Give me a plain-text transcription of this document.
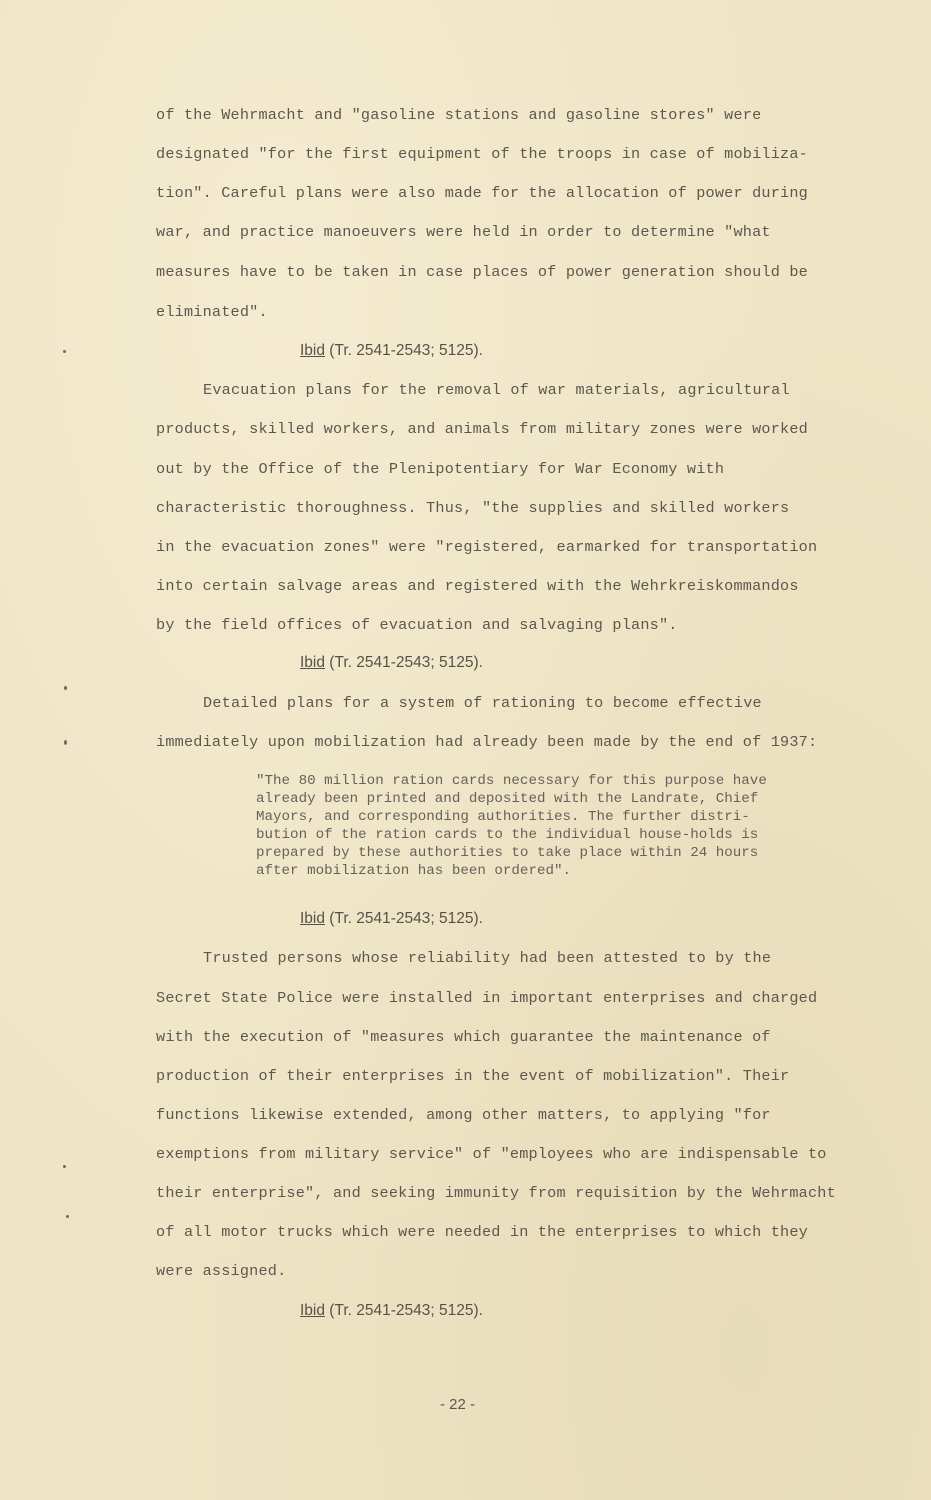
of the Wehrmacht and "gasoline stations and gasoline stores" were
designated "for the first equipment of the troops in case of mobiliza-
tion". Careful plans were also made for the allocation of power during
war, and practice manoeuvers were held in order to determine "what
measures have to be taken in case places of power generation should be
eliminated".
Ibid (Tr. 2541-2543; 5125).
Evacuation plans for the removal of war materials, agricultural
products, skilled workers, and animals from military zones were worked
out by the Office of the Plenipotentiary for War Economy with
characteristic thoroughness. Thus, "the supplies and skilled workers
in the evacuation zones" were "registered, earmarked for transportation
into certain salvage areas and registered with the Wehrkreiskommandos
by the field offices of evacuation and salvaging plans".
Ibid (Tr. 2541-2543; 5125).
Detailed plans for a system of rationing to become effective
immediately upon mobilization had already been made by the end of 1937:
"The 80 million ration cards necessary for this purpose have
already been printed and deposited with the Landrate, Chief
Mayors, and corresponding authorities. The further distri-
bution of the ration cards to the individual house-holds is
prepared by these authorities to take place within 24 hours
after mobilization has been ordered".
Ibid (Tr. 2541-2543; 5125).
Trusted persons whose reliability had been attested to by the
Secret State Police were installed in important enterprises and charged
with the execution of "measures which guarantee the maintenance of
production of their enterprises in the event of mobilization". Their
functions likewise extended, among other matters, to applying "for
exemptions from military service" of "employees who are indispensable to
their enterprise", and seeking immunity from requisition by the Wehrmacht
of all motor trucks which were needed in the enterprises to which they
were assigned.
Ibid (Tr. 2541-2543; 5125).
- 22 -
